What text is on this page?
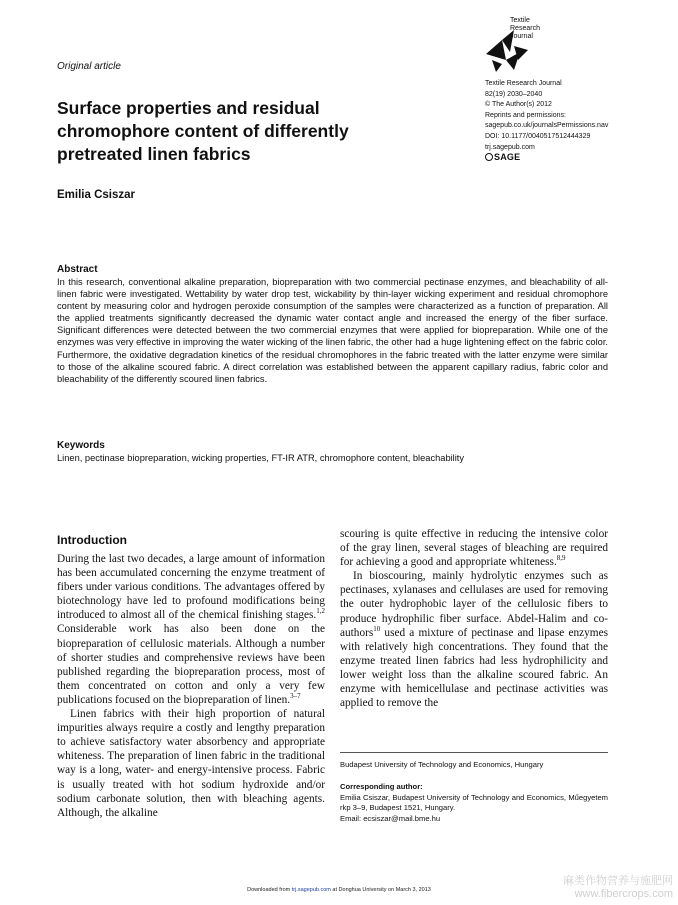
Original article
Surface properties and residual chromophore content of differently pretreated linen fabrics
Emilia Csiszar
Textile
Research
Journal
Textile Research Journal
82(19) 2030–2040
© The Author(s) 2012
Reprints and permissions:
sagepub.co.uk/journalsPermissions.nav
DOI: 10.1177/0040517512444329
trj.sagepub.com
SAGE
Abstract
In this research, conventional alkaline preparation, biopreparation with two commercial pectinase enzymes, and bleachability of all-linen fabric were investigated. Wettability by water drop test, wickability by thin-layer wicking experiment and residual chromophore content by measuring color and hydrogen peroxide consumption of the samples were characterized as a function of preparation. All the applied treatments significantly decreased the dynamic water contact angle and increased the energy of the fiber surface. Significant differences were detected between the two commercial enzymes that were applied for biopreparation. While one of the enzymes was very effective in improving the water wicking of the linen fabric, the other had a huge lightening effect on the fabric color. Furthermore, the oxidative degradation kinetics of the residual chromophores in the fabric treated with the latter enzyme were similar to those of the alkaline scoured fabric. A direct correlation was established between the apparent capillary radius, fabric color and bleachability of the differently scoured linen fabrics.
Keywords
Linen, pectinase biopreparation, wicking properties, FT-IR ATR, chromophore content, bleachability
Introduction

During the last two decades, a large amount of information has been accumulated concerning the enzyme treatment of fibers under various conditions. The advantages offered by biotechnology have led to profound modifications being introduced to almost all of the chemical finishing stages.$^{1,2}$ Considerable work has also been done on the biopreparation of cellulosic materials. Although a number of shorter studies and comprehensive reviews have been published regarding the biopreparation process, most of them concentrated on cotton and only a very few publications focused on the biopreparation of linen.$^{3-7}$

Linen fabrics with their high proportion of natural impurities always require a costly and lengthy preparation to achieve satisfactory water absorbency and appropriate whiteness. The preparation of linen fabric in the traditional way is a long, water- and energy-intensive process. Fabric is usually treated with hot sodium hydroxide and/or sodium carbonate solution, then with bleaching agents. Although, the alkaline

scouring is quite effective in reducing the intensive color of the gray linen, several stages of bleaching are required for achieving a good and appropriate whiteness.$^{8,9}$

In bioscouring, mainly hydrolytic enzymes such as pectinases, xylanases and cellulases are used for removing the outer hydrophobic layer of the cellulosic fibers to produce hydrophilic fiber surface. Abdel-Halim and co-authors$^{10}$ used a mixture of pectinase and lipase enzymes with relatively high concentrations. They found that the enzyme treated linen fabrics had less hydrophilicity and lower weight loss than the alkaline scoured fabric. An enzyme with hemicellulase and pectinase activities was applied to remove the

Budapest University of Technology and Economics, Hungary
Corresponding author:
Emilia Csiszar, Budapest University of Technology and Economics, Műegyetem rkp 3–9, Budapest 1521, Hungary.
Email: ecsiszar@mail.bme.hu
Downloaded from trj.sagepub.com at Donghua University on March 3, 2013
麻类作物营养与施肥网
www.fibercrops.com
